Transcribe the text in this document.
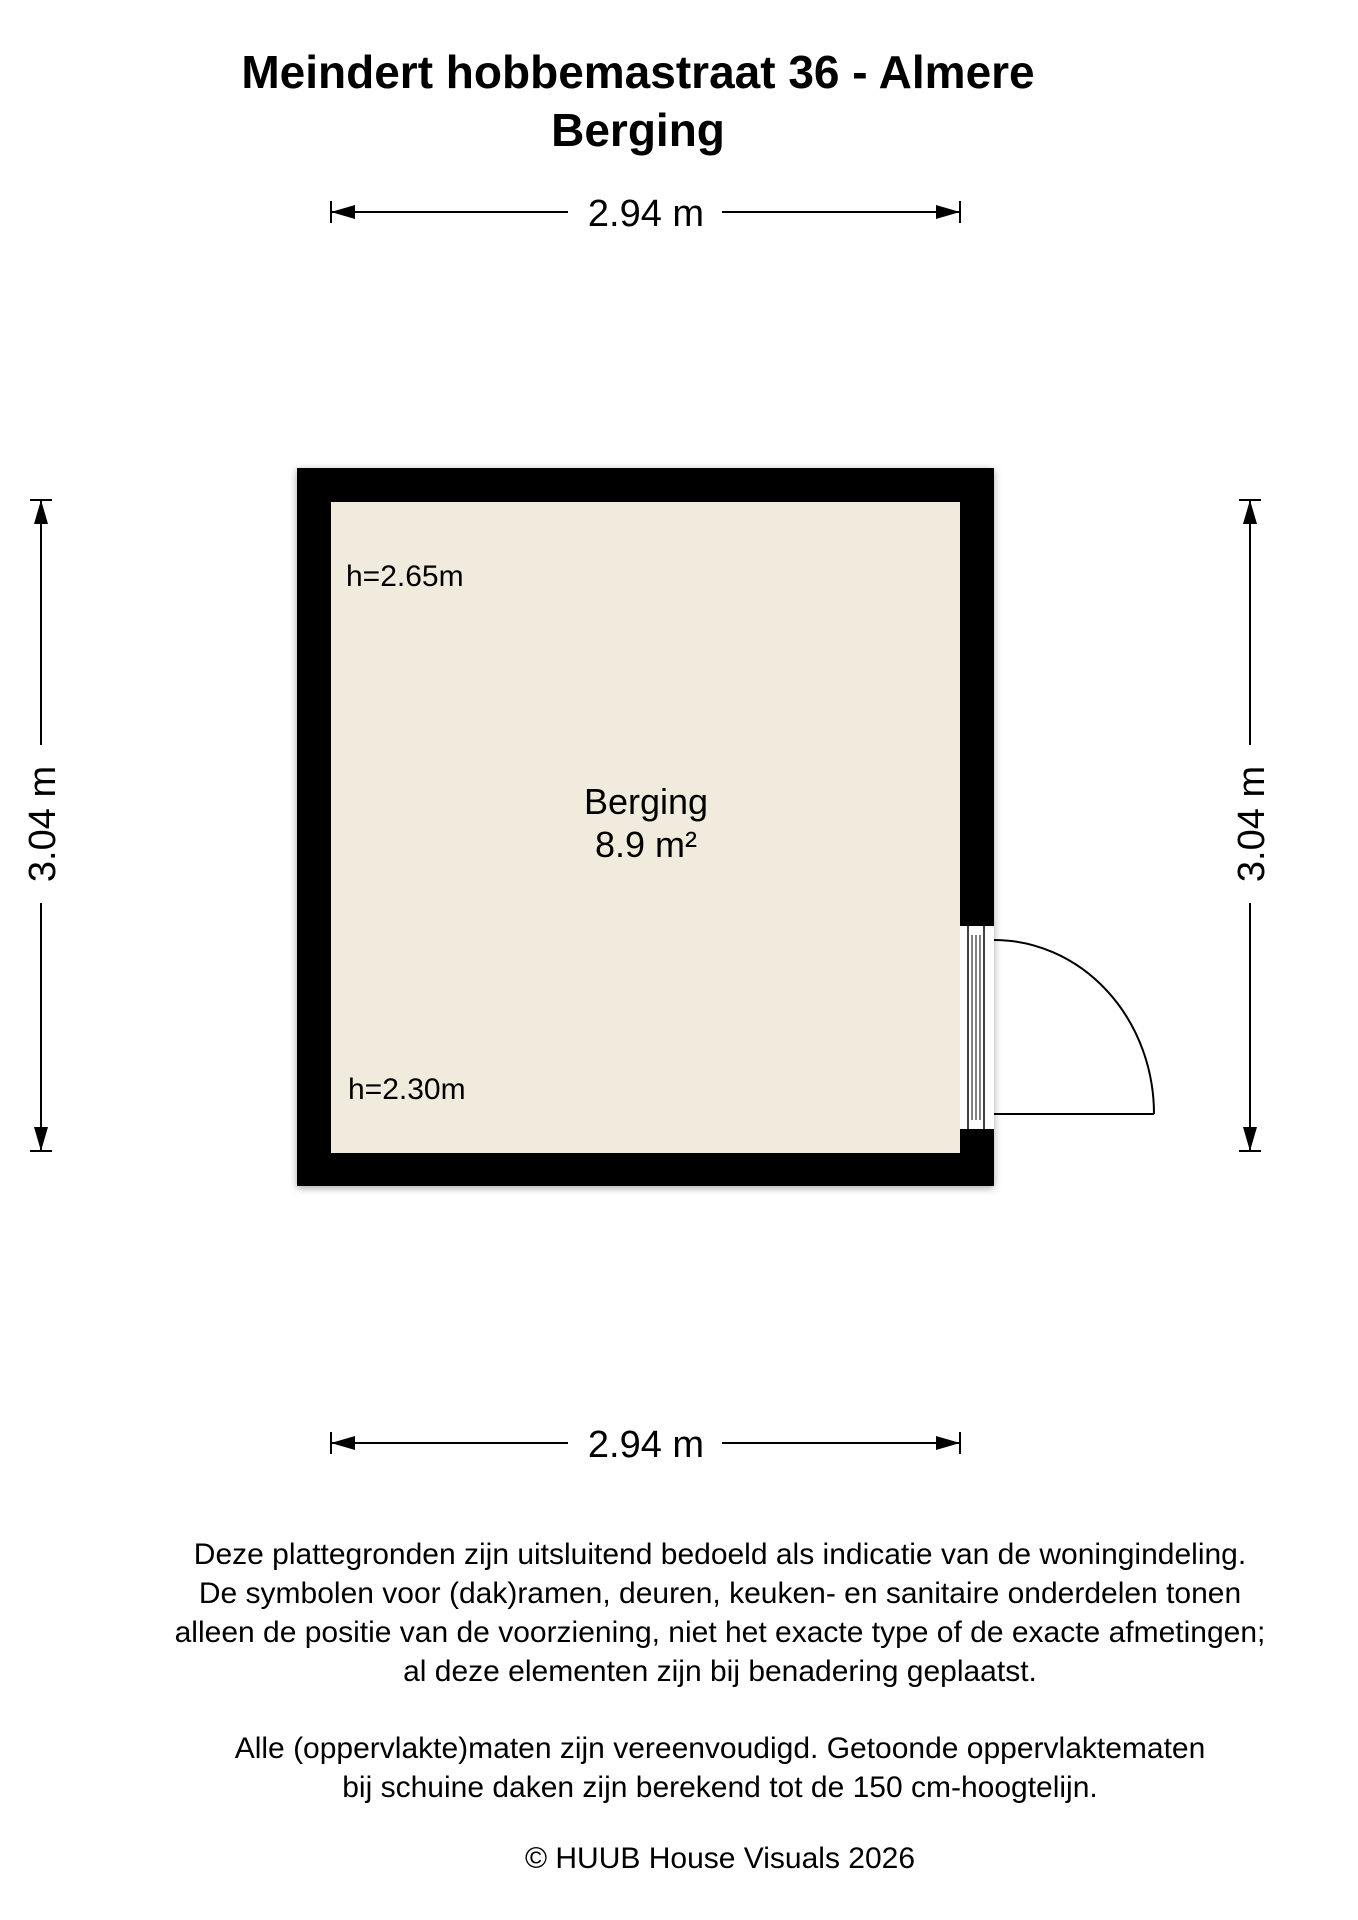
Meindert hobbemastraat 36 - Almere
Berging
2.94 m
2.94 m
3.04 m	3.04 m
h=2.65m
Berging
8.9 m²
h=2.30m

Deze plattegronden zijn uitsluitend bedoeld als indicatie van de woningindeling.

De symbolen voor (dak)ramen, deuren, keuken- en sanitaire onderdelen tonen

alleen de positie van de voorziening, niet het exacte type of de exacte afmetingen;

al deze elementen zijn bij benadering geplaatst.

Alle (oppervlakte)maten zijn vereenvoudigd. Getoonde oppervlaktematen

bij schuine daken zijn berekend tot de 150 cm-hoogtelijn.

© HUUB House Visuals 2026
